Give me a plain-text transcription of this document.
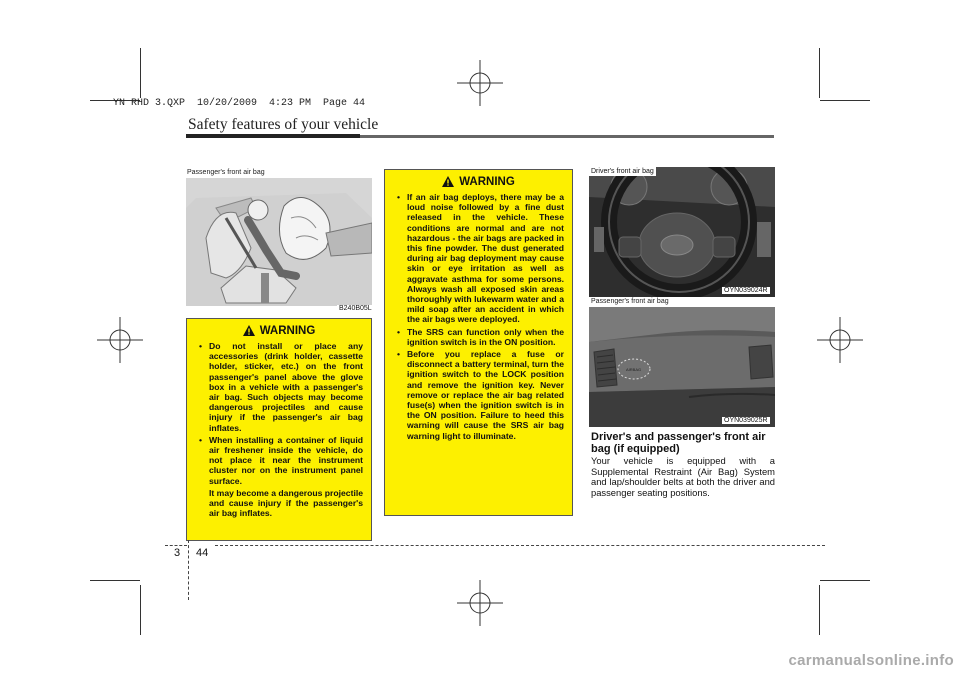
YN RHD 3.QXP  10/20/2009  4:23 PM  Page 44
Safety features of your vehicle
Passenger's front air bag
B240B05L
WARNING
• Do not install or place any accessories (drink holder, cassette holder, sticker, etc.) on the front passenger's panel above the glove box in a vehicle with a passenger's air bag. Such objects may become dangerous projectiles and cause injury if the passenger's air bag inflates.
• When installing a container of liquid air freshener inside the vehicle, do not place it near the instrument cluster nor on the instrument panel surface.

It may become a dangerous projectile and cause injury if the passenger's air bag inflates.

WARNING
• If an air bag deploys, there may be a loud noise followed by a fine dust released in the vehicle. These conditions are normal and are not hazardous - the air bags are packed in this fine powder. The dust generated during air bag deployment may cause skin or eye irritation as well as aggravate asthma for some persons. Always wash all exposed skin areas thoroughly with lukewarm water and a mild soap after an accident in which the air bags were deployed.
• The SRS can function only when the ignition switch is in the ON position.
• Before you replace a fuse or disconnect a battery terminal, turn the ignition switch to the LOCK position and remove the ignition key. Never remove or replace the air bag related fuse(s) when the ignition switch is in the ON position. Failure to heed this warning will cause the SRS air bag warning light to illuminate.
Driver's front air bag
OYN039024R
Passenger's front air bag
AIRBAG
OYN039025R
Driver's and passenger's front air bag (if equipped)
Your vehicle is equipped with a Supplemental Restraint (Air Bag) System and lap/shoulder belts at both the driver and passenger seating positions.
3 44
carmanualsonline.info
